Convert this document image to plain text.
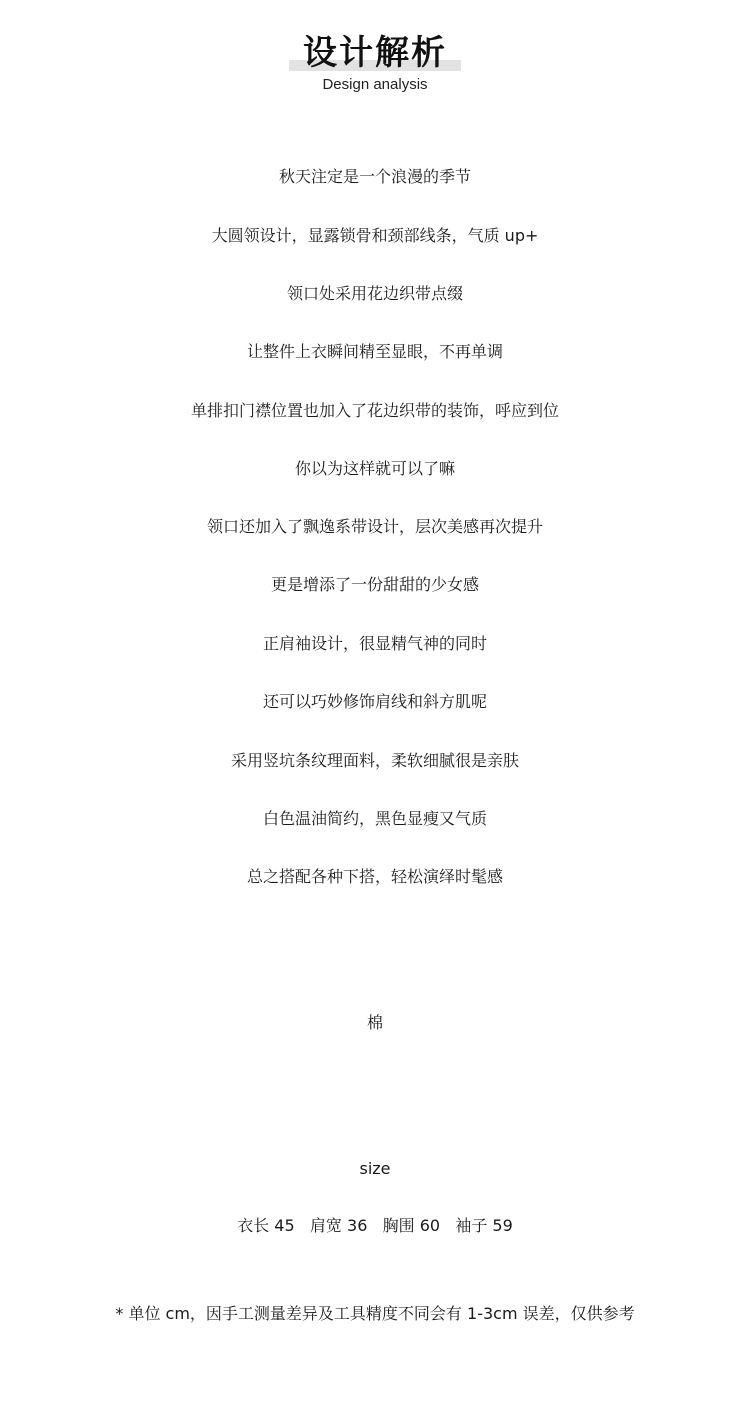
设计解析
Design analysis
秋天注定是一个浪漫的季节
大圆领设计，显露锁骨和颈部线条，气质 up+
领口处采用花边织带点缀
让整件上衣瞬间精至显眼，不再单调
单排扣门襟位置也加入了花边织带的装饰，呼应到位
你以为这样就可以了嘛
领口还加入了飘逸系带设计，层次美感再次提升
更是增添了一份甜甜的少女感
正肩袖设计，很显精气神的同时
还可以巧妙修饰肩线和斜方肌呢
采用竖坑条纹理面料，柔软细腻很是亲肤
白色温油简约，黑色显瘦又气质
总之搭配各种下搭，轻松演绎时髦感
棉
size
衣长 45   肩宽 36   胸围 60   袖子 59
* 单位 cm，因手工测量差异及工具精度不同会有 1-3cm 误差，仅供参考
